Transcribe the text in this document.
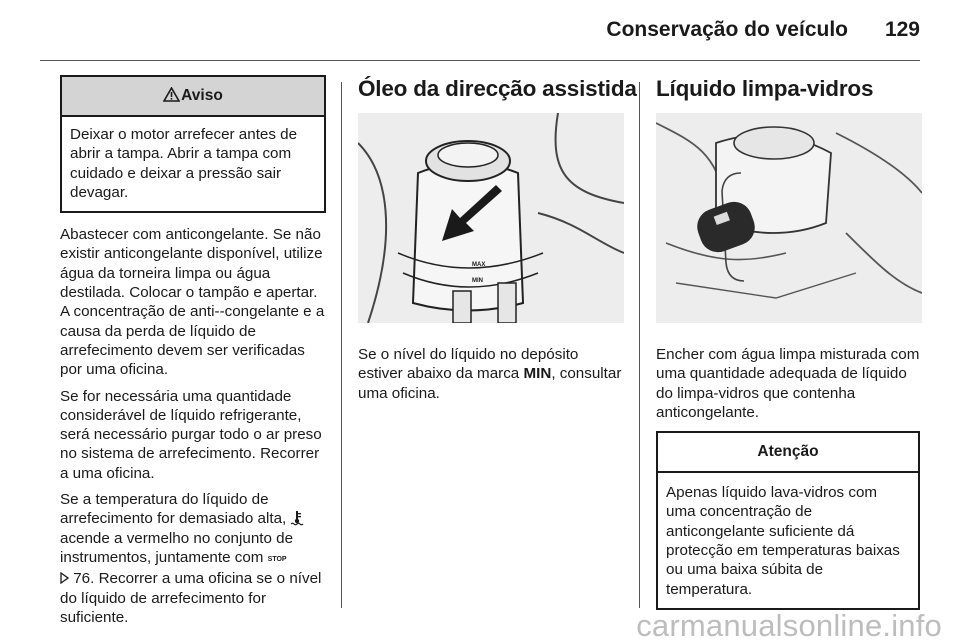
Conservação do veículo 129
Aviso
Deixar o motor arrefecer antes de abrir a tampa. Abrir a tampa com cuidado e deixar a pressão sair devagar.

Abastecer com anticongelante. Se não existir anticongelante disponível, utilize água da torneira limpa ou água destilada. Colocar o tampão e apertar. A concentração de anti--congelante e a causa da perda de líquido de arrefecimento devem ser verificadas por uma oficina.

Se for necessária uma quantidade considerável de líquido refrigerante, será necessário purgar todo o ar preso no sistema de arrefecimento. Recorrer a uma oficina.

Se a temperatura do líquido de arrefecimento for demasiado alta,  acende a vermelho no conjunto de instrumentos, juntamente com STOP
76. Recorrer a uma oficina se o nível do líquido de arrefecimento for suficiente.

Óleo da direcção assistida
MAX
MIN

Se o nível do líquido no depósito estiver abaixo da marca MIN, consultar uma oficina.

Líquido limpa-vidros

Encher com água limpa misturada com uma quantidade adequada de líquido do limpa-vidros que contenha anticongelante.

Atenção
Apenas líquido lava-vidros com uma concentração de anticongelante suficiente dá protecção em temperaturas baixas ou uma baixa súbita de temperatura.
carmanualsonline.info
